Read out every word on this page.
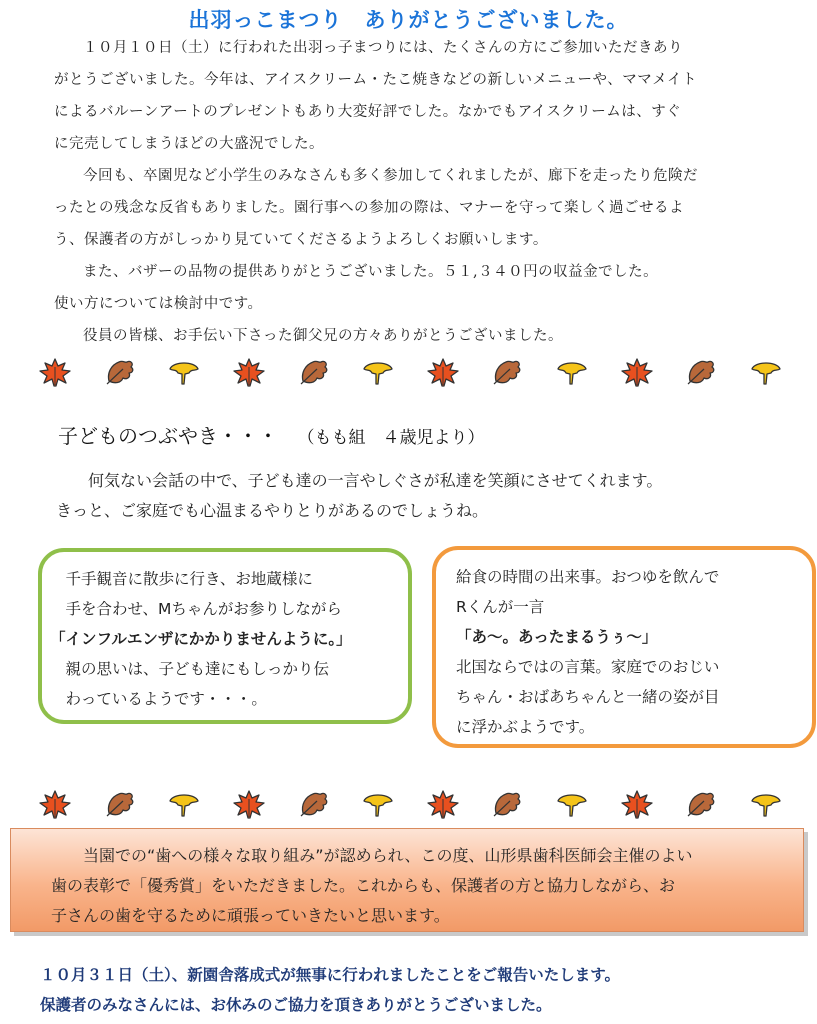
出羽っこまつり　ありがとうございました。

１０月１０日（土）に行われた出羽っ子まつりには、たくさんの方にご参加いただきあり

がとうございました。今年は、アイスクリーム・たこ焼きなどの新しいメニューや、ママメイト

によるバルーンアートのプレゼントもあり大変好評でした。なかでもアイスクリームは、すぐ

に完売してしまうほどの大盛況でした。

今回も、卒園児など小学生のみなさんも多く参加してくれましたが、廊下を走ったり危険だ

ったとの残念な反省もありました。園行事への参加の際は、マナーを守って楽しく過ごせるよ

う、保護者の方がしっかり見ていてくださるようよろしくお願いします。

また、バザーの品物の提供ありがとうございました。５１,３４０円の収益金でした。

使い方については検討中です。

役員の皆様、お手伝い下さった御父兄の方々ありがとうございました。

子どものつぶやき・・・ （もも組　４歳児より）

何気ない会話の中で、子ども達の一言やしぐさが私達を笑顔にさせてくれます。

きっと、ご家庭でも心温まるやりとりがあるのでしょうね。

千手観音に散歩に行き、お地蔵様に

手を合わせ、Mちゃんがお参りしながら

「インフルエンザにかかりませんように。」

親の思いは、子ども達にもしっかり伝

わっているようです・・・。

給食の時間の出来事。おつゆを飲んで

Rくんが一言

「あ～。あったまるうぅ～」

北国ならではの言葉。家庭でのおじい

ちゃん・おばあちゃんと一緒の姿が目

に浮かぶようです。

当園での“歯への様々な取り組み”が認められ、この度、山形県歯科医師会主催のよい

歯の表彰で「優秀賞」をいただきました。これからも、保護者の方と協力しながら、お

子さんの歯を守るために頑張っていきたいと思います。

１０月３１日（土）、新園舎落成式が無事に行われましたことをご報告いたします。

保護者のみなさんには、お休みのご協力を頂きありがとうございました。
